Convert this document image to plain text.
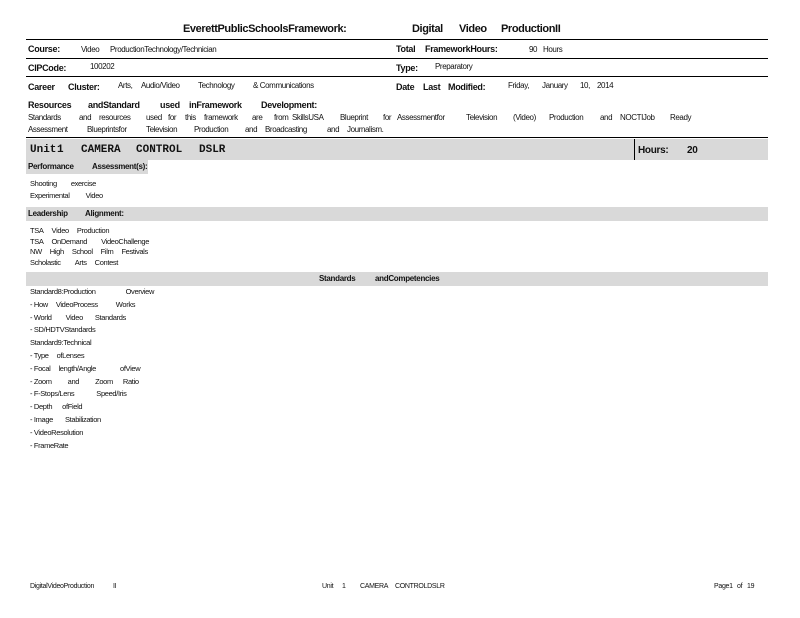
EverettPublicSchoolsFramework:	Digital Video ProductionII
Course:	Video ProductionTechnology/Technician	Total FrameworkHours:	90 Hours
CIPCode:	100202	Type: Preparatory
Career Cluster: Arts, Audio/Video Technology & Communications	Date Last Modified:	Friday, January 10, 2014
Resources andStandard used inFramework Development:
Standards and resources used for this framework are from SkillsUSA Blueprint for Assessmentfor	Television (Video) Production and NOCTIJob Ready
Assessment Blueprintsfor Television Production and Broadcasting	and Journalism.
Unit 1 CAMERA CONTROL DSLR	Hours: 20
Performance Assessment(s):
Shooting exercise
Experimental Video
Leadership Alignment:
TSA Video Production
TSA OnDemand VideoChallenge
NW High School Film Festivals
Scholastic Arts Contest
Standards andCompetencies
Standard8:Production	Overview
- How VideoProcess Works
- World Video Standards
- SD/HDTVStandards
Standard9:Technical
- Type ofLenses
- Focal length/Angle	ofView
- Zoom and Zoom Ratio
- F-Stops/Lens	Speed/Iris
- Depth ofField
- Image Stabilization
- VideoResolution
- FrameRate
DigitalVideoProduction	II	Unit 1 CAMERA CONTROLDSLR	Page1 of 19
